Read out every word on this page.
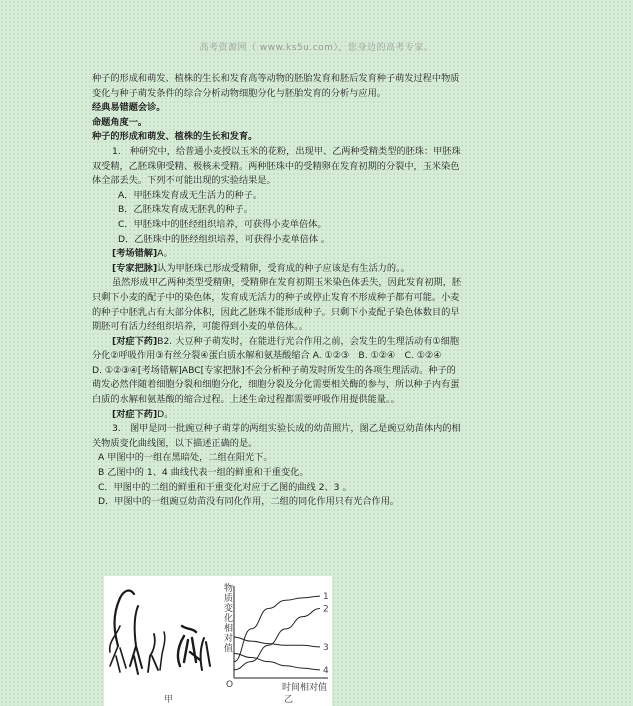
高考资源网（ www.ks5u.com），您身边的高考专家。

种子的形成和萌发、植株的生长和发育高等动物的胚胎发育和胚后发育种子萌发过程中物质

变化与种子萌发条件的综合分析动物细胞分化与胚胎发育的分析与应用。

经典易错题会诊。

命题角度一。

种子的形成和萌发、植株的生长和发育。

1.　种研究中，给普通小麦授以玉米的花粉，出现甲、乙两种受精类型的胚珠：甲胚珠

双受精，乙胚珠卵受精、极核未受精。两种胚珠中的受精卵在发育初期的分裂中，玉米染色

体全部丢失。下列不可能出现的实验结果是。

A．甲胚珠发育成无生活力的种子。

B．乙胚珠发育成无胚乳的种子。

C．甲胚珠中的胚经组织培养，可获得小麦单倍体。

D．乙胚珠中的胚经组织培养，可获得小麦单倍体 。

[考场错解]A。

[专家把脉]认为甲胚珠已形成受精卵，受育成的种子应该是有生活力的。。

虽然形成甲乙两种类型受精卵，受精卵在发育初期玉米染色体丢失，因此发育初期，胚

只剩下小麦的配子中的染色体，发育成无活力的种子或停止发育不形成种子都有可能。小麦

的种子中胚乳占有大部分体积，因此乙胚珠不能形成种子。只剩下小麦配子染色体数目的早

期胚可有活力经组织培养，可能得到小麦的单倍体。。

[对症下药]B2. 大豆种子萌发时，在能进行光合作用之前，会发生的生理活动有①细胞

分化②呼吸作用③有丝分裂④蛋白质水解和氨基酸缩合 A. ①②③　B. ①②④　C. ①②④

D. ①②③④[考场错解]ABC[专家把脉]不会分析种子萌发时所发生的各项生理活动。种子的

萌发必然伴随着细胞分裂和细胞分化，细胞分裂及分化需要相关酶的参与，所以种子内有蛋

白质的水解和氨基酸的缩合过程。上述生命过程都需要呼吸作用提供能量。。

[对症下药]D。

3.　图甲是同一批豌豆种子萌芽的两组实验长成的幼苗照片，图乙是豌豆幼苗体内的相

关物质变化曲线图，以下描述正确的是。

A 甲图中的一组在黑暗处，二组在阳光下。

B 乙图中的 1、4 曲线代表一组的鲜重和干重变化。

C．甲图中的二组的鲜重和干重变化对应于乙图的曲线 2、3 。

D．甲图中的一组豌豆幼苗没有同化作用，二组的同化作用只有光合作用。

1
2
3
4
物质变化相对值
时间相对值
O
甲	乙
